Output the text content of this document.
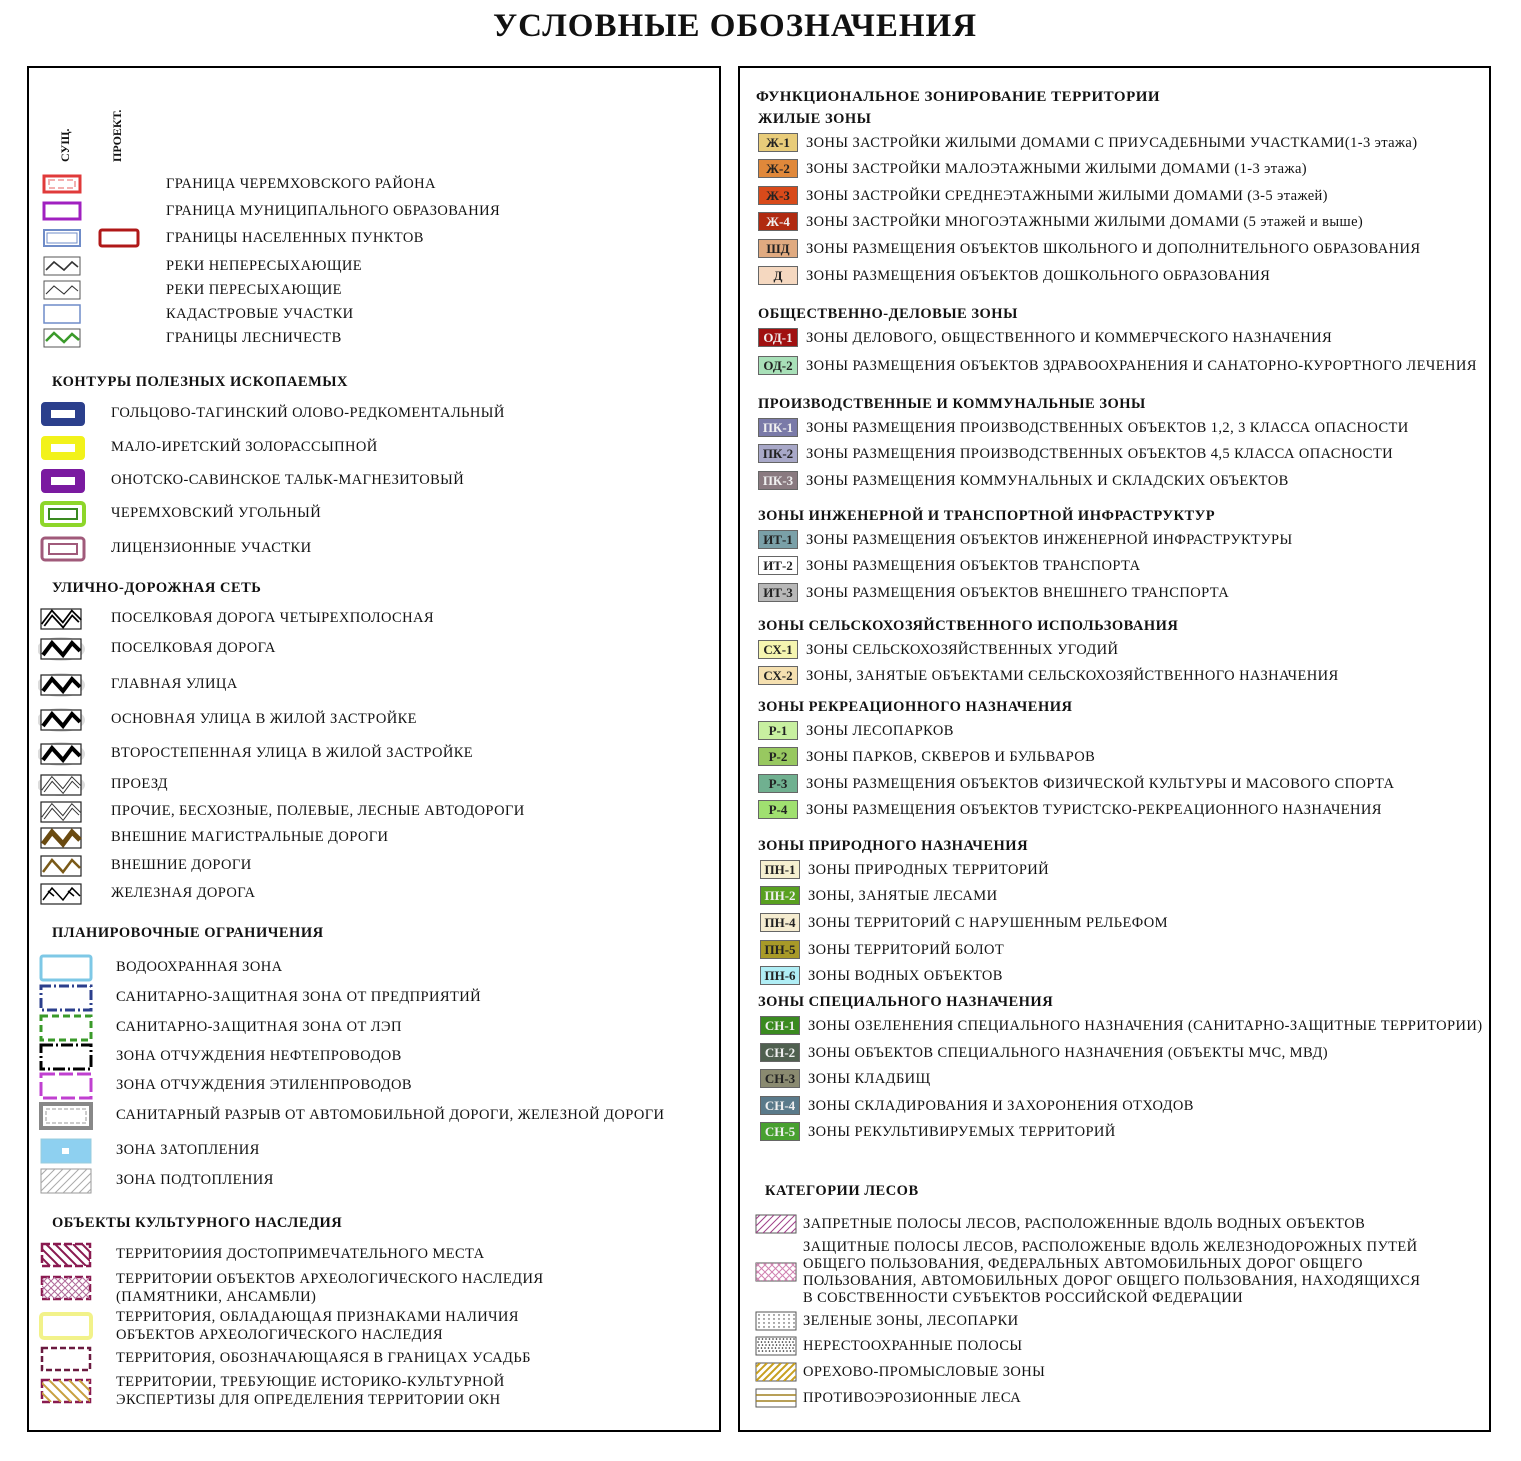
УСЛОВНЫЕ ОБОЗНАЧЕНИЯ
СУЩ.	ПРОЕКТ.
ГРАНИЦА ЧЕРЕМХОВСКОГО РАЙОНА
ГРАНИЦА МУНИЦИПАЛЬНОГО ОБРАЗОВАНИЯ
ГРАНИЦЫ НАСЕЛЕННЫХ ПУНКТОВ
РЕКИ НЕПЕРЕСЫХАЮЩИЕ
РЕКИ ПЕРЕСЫХАЮЩИЕ
КАДАСТРОВЫЕ УЧАСТКИ
ГРАНИЦЫ ЛЕСНИЧЕСТВ
КОНТУРЫ ПОЛЕЗНЫХ ИСКОПАЕМЫХ
ГОЛЬЦОВО-ТАГИНСКИЙ ОЛОВО-РЕДКОМЕНТАЛЬНЫЙ
МАЛО-ИРЕТСКИЙ ЗОЛОРАССЫПНОЙ
ОНОТСКО-САВИНСКОЕ ТАЛЬК-МАГНЕЗИТОВЫЙ
ЧЕРЕМХОВСКИЙ УГОЛЬНЫЙ
ЛИЦЕНЗИОННЫЕ УЧАСТКИ
УЛИЧНО-ДОРОЖНАЯ СЕТЬ
ПОСЕЛКОВАЯ ДОРОГА ЧЕТЫРЕХПОЛОСНАЯ
ПОСЕЛКОВАЯ ДОРОГА
ГЛАВНАЯ УЛИЦА
ОСНОВНАЯ УЛИЦА В ЖИЛОЙ ЗАСТРОЙКЕ
ВТОРОСТЕПЕННАЯ УЛИЦА В ЖИЛОЙ ЗАСТРОЙКЕ
ПРОЕЗД
ПРОЧИЕ, БЕСХОЗНЫЕ, ПОЛЕВЫЕ, ЛЕСНЫЕ АВТОДОРОГИ
ВНЕШНИЕ МАГИСТРАЛЬНЫЕ ДОРОГИ
ВНЕШНИЕ ДОРОГИ
ЖЕЛЕЗНАЯ ДОРОГА
ПЛАНИРОВОЧНЫЕ ОГРАНИЧЕНИЯ
ВОДООХРАННАЯ ЗОНА
САНИТАРНО-ЗАЩИТНАЯ ЗОНА ОТ ПРЕДПРИЯТИЙ
САНИТАРНО-ЗАЩИТНАЯ ЗОНА ОТ ЛЭП
ЗОНА ОТЧУЖДЕНИЯ НЕФТЕПРОВОДОВ
ЗОНА ОТЧУЖДЕНИЯ ЭТИЛЕНПРОВОДОВ
САНИТАРНЫЙ РАЗРЫВ ОТ АВТОМОБИЛЬНОЙ ДОРОГИ, ЖЕЛЕЗНОЙ ДОРОГИ
ЗОНА ЗАТОПЛЕНИЯ
ЗОНА ПОДТОПЛЕНИЯ
ОБЪЕКТЫ КУЛЬТУРНОГО НАСЛЕДИЯ
ТЕРРИТОРИИЯ ДОСТОПРИМЕЧАТЕЛЬНОГО МЕСТА
ТЕРРИТОРИИ ОБЪЕКТОВ АРХЕОЛОГИЧЕСКОГО НАСЛЕДИЯ
(ПАМЯТНИКИ, АНСАМБЛИ)
ТЕРРИТОРИЯ, ОБЛАДАЮЩАЯ ПРИЗНАКАМИ НАЛИЧИЯ
ОБЪЕКТОВ АРХЕОЛОГИЧЕСКОГО НАСЛЕДИЯ
ТЕРРИТОРИЯ, ОБОЗНАЧАЮЩАЯСЯ В ГРАНИЦАХ УСАДЬБ
ТЕРРИТОРИИ, ТРЕБУЮЩИЕ ИСТОРИКО-КУЛЬТУРНОЙ
ЭКСПЕРТИЗЫ ДЛЯ ОПРЕДЕЛЕНИЯ ТЕРРИТОРИИ ОКН
ФУНКЦИОНАЛЬНОЕ ЗОНИРОВАНИЕ ТЕРРИТОРИИ
ЖИЛЫЕ ЗОНЫ
Ж-1	ЗОНЫ ЗАСТРОЙКИ ЖИЛЫМИ ДОМАМИ С ПРИУСАДЕБНЫМИ УЧАСТКАМИ(1-3 этажа)
Ж-2	ЗОНЫ ЗАСТРОЙКИ МАЛОЭТАЖНЫМИ ЖИЛЫМИ ДОМАМИ (1-3 этажа)
Ж-3	ЗОНЫ ЗАСТРОЙКИ СРЕДНЕЭТАЖНЫМИ ЖИЛЫМИ ДОМАМИ (3-5 этажей)
Ж-4	ЗОНЫ ЗАСТРОЙКИ МНОГОЭТАЖНЫМИ ЖИЛЫМИ ДОМАМИ (5 этажей и выше)
ШД	ЗОНЫ РАЗМЕЩЕНИЯ ОБЪЕКТОВ ШКОЛЬНОГО И ДОПОЛНИТЕЛЬНОГО ОБРАЗОВАНИЯ
Д	ЗОНЫ РАЗМЕЩЕНИЯ ОБЪЕКТОВ ДОШКОЛЬНОГО ОБРАЗОВАНИЯ
ОБЩЕСТВЕННО-ДЕЛОВЫЕ ЗОНЫ
ОД-1 ЗОНЫ ДЕЛОВОГО, ОБЩЕСТВЕННОГО И КОММЕРЧЕСКОГО НАЗНАЧЕНИЯ
ОД-2 ЗОНЫ РАЗМЕЩЕНИЯ ОБЪЕКТОВ ЗДРАВООХРАНЕНИЯ И САНАТОРНО-КУРОРТНОГО ЛЕЧЕНИЯ
ПРОИЗВОДСТВЕННЫЕ И КОММУНАЛЬНЫЕ ЗОНЫ
ПК-1 ЗОНЫ РАЗМЕЩЕНИЯ ПРОИЗВОДСТВЕННЫХ ОБЪЕКТОВ 1,2, 3 КЛАССА ОПАСНОСТИ
ПК-2 ЗОНЫ РАЗМЕЩЕНИЯ ПРОИЗВОДСТВЕННЫХ ОБЪЕКТОВ 4,5 КЛАССА ОПАСНОСТИ
ПК-3 ЗОНЫ РАЗМЕЩЕНИЯ КОММУНАЛЬНЫХ И СКЛАДСКИХ ОБЪЕКТОВ
ЗОНЫ ИНЖЕНЕРНОЙ И ТРАНСПОРТНОЙ ИНФРАСТРУКТУР
ИТ-1 ЗОНЫ РАЗМЕЩЕНИЯ ОБЪЕКТОВ ИНЖЕНЕРНОЙ ИНФРАСТРУКТУРЫ
ИТ-2 ЗОНЫ РАЗМЕЩЕНИЯ ОБЪЕКТОВ ТРАНСПОРТА
ИТ-3 ЗОНЫ РАЗМЕЩЕНИЯ ОБЪЕКТОВ ВНЕШНЕГО ТРАНСПОРТА
ЗОНЫ СЕЛЬСКОХОЗЯЙСТВЕННОГО ИСПОЛЬЗОВАНИЯ
СХ-1 ЗОНЫ СЕЛЬСКОХОЗЯЙСТВЕННЫХ УГОДИЙ
СХ-2 ЗОНЫ, ЗАНЯТЫЕ ОБЪЕКТАМИ СЕЛЬСКОХОЗЯЙСТВЕННОГО НАЗНАЧЕНИЯ
ЗОНЫ РЕКРЕАЦИОННОГО НАЗНАЧЕНИЯ
Р-1	ЗОНЫ ЛЕСОПАРКОВ
Р-2	ЗОНЫ ПАРКОВ, СКВЕРОВ И БУЛЬВАРОВ
Р-3	ЗОНЫ РАЗМЕЩЕНИЯ ОБЪЕКТОВ ФИЗИЧЕСКОЙ КУЛЬТУРЫ И МАСОВОГО СПОРТА
Р-4	ЗОНЫ РАЗМЕЩЕНИЯ ОБЪЕКТОВ ТУРИСТСКО-РЕКРЕАЦИОННОГО НАЗНАЧЕНИЯ
ЗОНЫ ПРИРОДНОГО НАЗНАЧЕНИЯ
ПН-1 ЗОНЫ ПРИРОДНЫХ ТЕРРИТОРИЙ
ПН-2 ЗОНЫ, ЗАНЯТЫЕ ЛЕСАМИ
ПН-4 ЗОНЫ ТЕРРИТОРИЙ С НАРУШЕННЫМ РЕЛЬЕФОМ
ПН-5 ЗОНЫ ТЕРРИТОРИЙ БОЛОТ
ПН-6 ЗОНЫ ВОДНЫХ ОБЪЕКТОВ
ЗОНЫ СПЕЦИАЛЬНОГО НАЗНАЧЕНИЯ
СН-1 ЗОНЫ ОЗЕЛЕНЕНИЯ СПЕЦИАЛЬНОГО НАЗНАЧЕНИЯ (САНИТАРНО-ЗАЩИТНЫЕ ТЕРРИТОРИИ)
СН-2 ЗОНЫ ОБЪЕКТОВ СПЕЦИАЛЬНОГО НАЗНАЧЕНИЯ (ОБЪЕКТЫ МЧС, МВД)
СН-3 ЗОНЫ КЛАДБИЩ
СН-4 ЗОНЫ СКЛАДИРОВАНИЯ И ЗАХОРОНЕНИЯ ОТХОДОВ
СН-5 ЗОНЫ РЕКУЛЬТИВИРУЕМЫХ ТЕРРИТОРИЙ
КАТЕГОРИИ ЛЕСОВ
ЗАПРЕТНЫЕ ПОЛОСЫ ЛЕСОВ, РАСПОЛОЖЕННЫЕ ВДОЛЬ ВОДНЫХ ОБЪЕКТОВ
ЗАЩИТНЫЕ ПОЛОСЫ ЛЕСОВ, РАСПОЛОЖЕНЫЕ ВДОЛЬ ЖЕЛЕЗНОДОРОЖНЫХ ПУТЕЙ
ОБЩЕГО ПОЛЬЗОВАНИЯ, ФЕДЕРАЛЬНЫХ АВТОМОБИЛЬНЫХ ДОРОГ ОБЩЕГО
ПОЛЬЗОВАНИЯ, АВТОМОБИЛЬНЫХ ДОРОГ ОБЩЕГО ПОЛЬЗОВАНИЯ, НАХОДЯЩИХСЯ
В СОБСТВЕННОСТИ СУБЪЕКТОВ РОССИЙСКОЙ ФЕДЕРАЦИИ
ЗЕЛЕНЫЕ ЗОНЫ, ЛЕСОПАРКИ
НЕРЕСТООХРАННЫЕ ПОЛОСЫ
ОРЕХОВО-ПРОМЫСЛОВЫЕ ЗОНЫ
ПРОТИВОЭРОЗИОННЫЕ ЛЕСА
